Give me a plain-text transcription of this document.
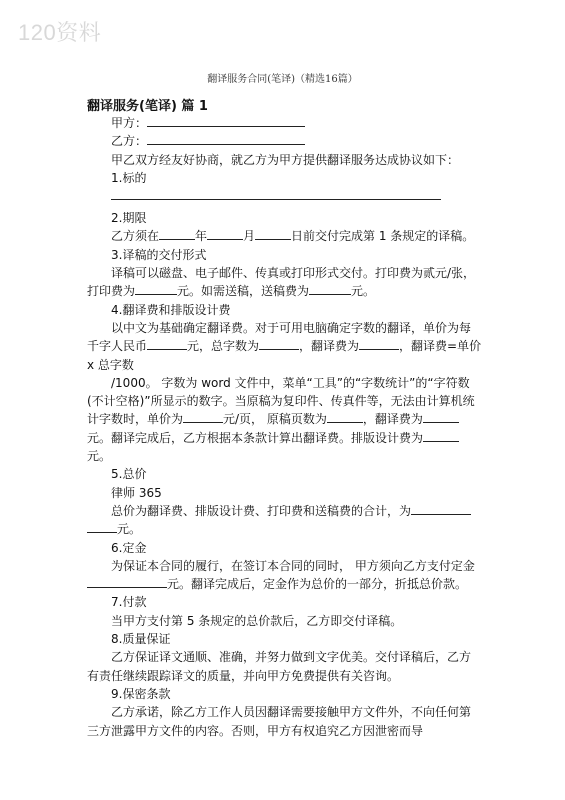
120资料
翻译服务合同(笔译)（精选16篇）
翻译服务(笔译) 篇 1

甲方：

乙方：

甲乙双方经友好协商，就乙方为甲方提供翻译服务达成协议如下：

1.标的

2.期限

乙方须在	年	月	日前交付完成第 1 条规定的译稿。

3.译稿的交付形式

译稿可以磁盘、电子邮件、传真或打印形式交付。打印费为贰元/张，打印费为	元。如需送稿，送稿费为	元。

4.翻译费和排版设计费

以中文为基础确定翻译费。对于可用电脑确定字数的翻译，单价为每千字人民币	元，总字数为	，翻译费为	，翻译费=单价 x 总字数

/1000。 字数为 word 文件中，菜单“工具”的“字数统计”的“字符数(不计空格)”所显示的数字。当原稿为复印件、传真件等，无法由计算机统计字数时，单价为	元/页， 原稿页数为	，翻译费为元。翻译完成后，乙方根据本条款计算出翻译费。排版设计费为元。

5.总价

律师 365

总价为翻译费、排版设计费、打印费和送稿费的合计，为元。

6.定金

为保证本合同的履行，在签订本合同的同时， 甲方须向乙方支付定金元。翻译完成后，定金作为总价的一部分，折抵总价款。

7.付款

当甲方支付第 5 条规定的总价款后，乙方即交付译稿。

8.质量保证

乙方保证译文通顺、准确，并努力做到文字优美。交付译稿后，乙方有责任继续跟踪译文的质量，并向甲方免费提供有关咨询。

9.保密条款

乙方承诺，除乙方工作人员因翻译需要接触甲方文件外，不向任何第三方泄露甲方文件的内容。否则，甲方有权追究乙方因泄密而导
